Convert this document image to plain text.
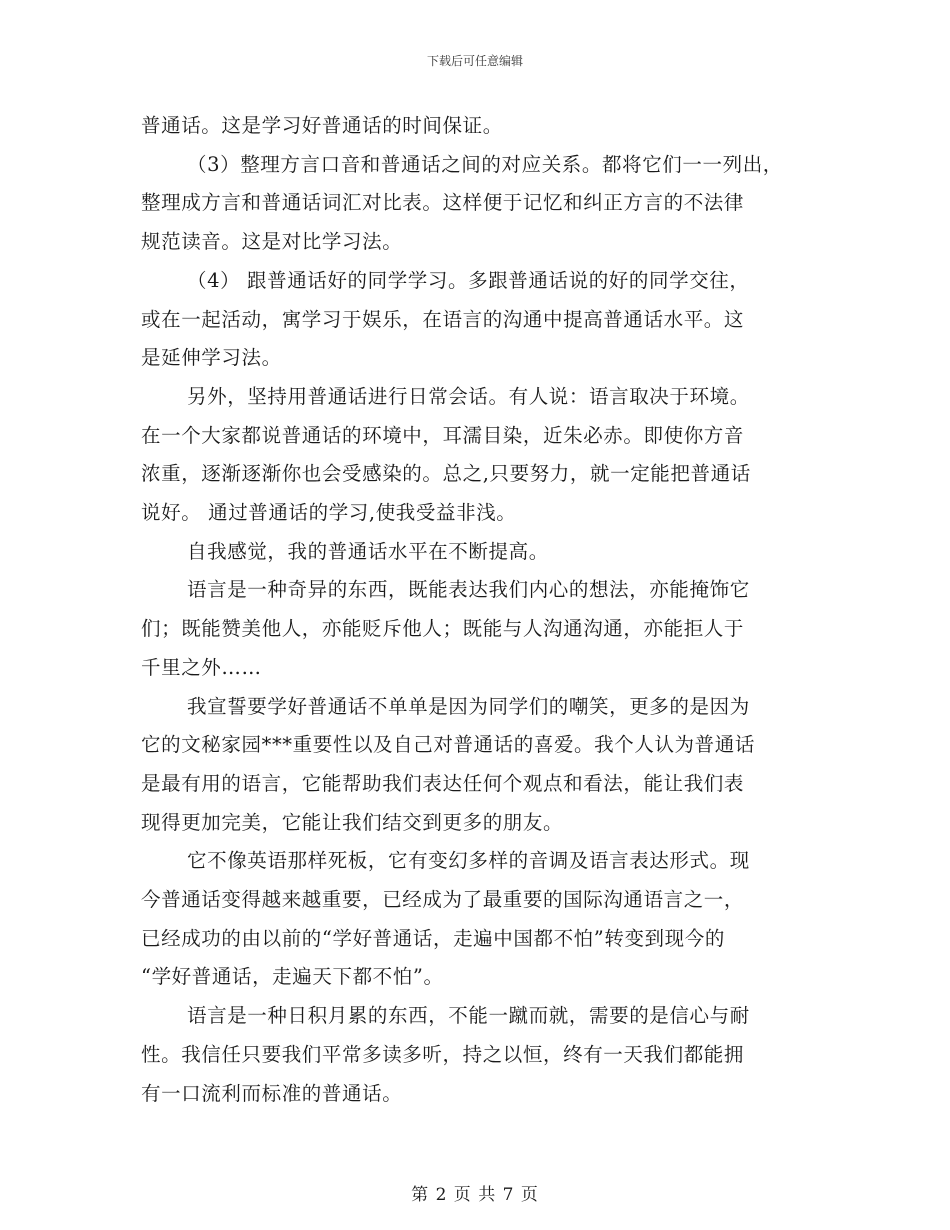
下载后可任意编辑

普通话。这是学习好普通话的时间保证。

（3）整理方言口音和普通话之间的对应关系。都将它们一一列出，
整理成方言和普通话词汇对比表。这样便于记忆和纠正方言的不法律
规范读音。这是对比学习法。

（4） 跟普通话好的同学学习。多跟普通话说的好的同学交往，
或在一起活动，寓学习于娱乐，在语言的沟通中提高普通话水平。这
是延伸学习法。

另外，坚持用普通话进行日常会话。有人说：语言取决于环境。
在一个大家都说普通话的环境中，耳濡目染，近朱必赤。即使你方音
浓重，逐渐逐渐你也会受感染的。总之,只要努力，就一定能把普通话
说好。 通过普通话的学习,使我受益非浅。

自我感觉，我的普通话水平在不断提高。

语言是一种奇异的东西，既能表达我们内心的想法，亦能掩饰它
们；既能赞美他人，亦能贬斥他人；既能与人沟通沟通，亦能拒人于
千里之外……

我宣誓要学好普通话不单单是因为同学们的嘲笑，更多的是因为
它的文秘家园***重要性以及自己对普通话的喜爱。我个人认为普通话
是最有用的语言，它能帮助我们表达任何个观点和看法，能让我们表
现得更加完美，它能让我们结交到更多的朋友。

它不像英语那样死板，它有变幻多样的音调及语言表达形式。现
今普通话变得越来越重要，已经成为了最重要的国际沟通语言之一，
已经成功的由以前的“学好普通话，走遍中国都不怕”转变到现今的
“学好普通话，走遍天下都不怕”。

语言是一种日积月累的东西，不能一蹴而就，需要的是信心与耐
性。我信任只要我们平常多读多听，持之以恒，终有一天我们都能拥
有一口流利而标准的普通话。

第 2 页 共 7 页
